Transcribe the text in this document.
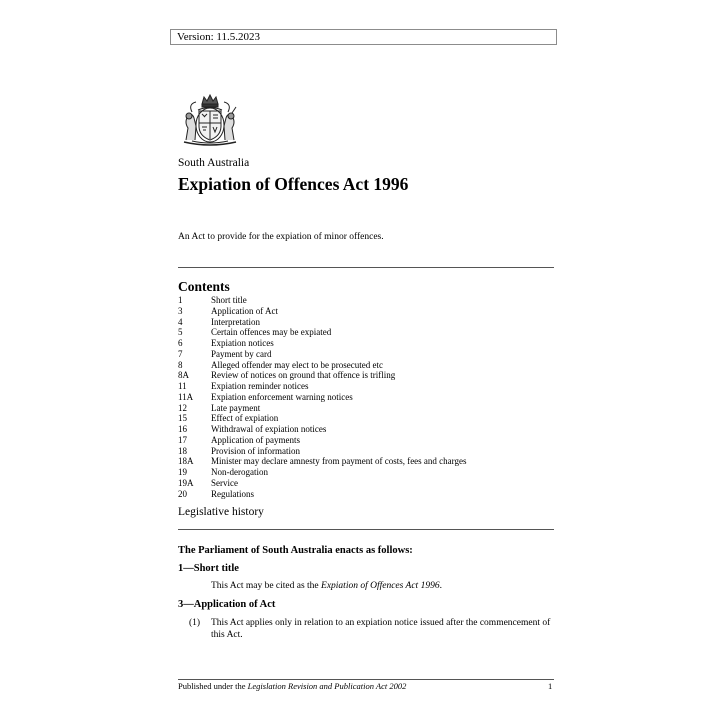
Version: 11.5.2023
South Australia
Expiation of Offences Act 1996
An Act to provide for the expiation of minor offences.
Contents
1	Short title
3	Application of Act
4	Interpretation
5	Certain offences may be expiated
6	Expiation notices
7	Payment by card
8	Alleged offender may elect to be prosecuted etc
8A Review of notices on ground that offence is trifling
11	Expiation reminder notices
11A Expiation enforcement warning notices
12	Late payment
15	Effect of expiation
16	Withdrawal of expiation notices
17	Application of payments
18	Provision of information
18A Minister may declare amnesty from payment of costs, fees and charges
19	Non-derogation
19A Service
20	Regulations
Legislative history
The Parliament of South Australia enacts as follows:
1—Short title
This Act may be cited as the Expiation of Offences Act 1996.
3—Application of Act
(1) This Act applies only in relation to an expiation notice issued after the commencement of this Act.
Published under the Legislation Revision and Publication Act 2002	1
